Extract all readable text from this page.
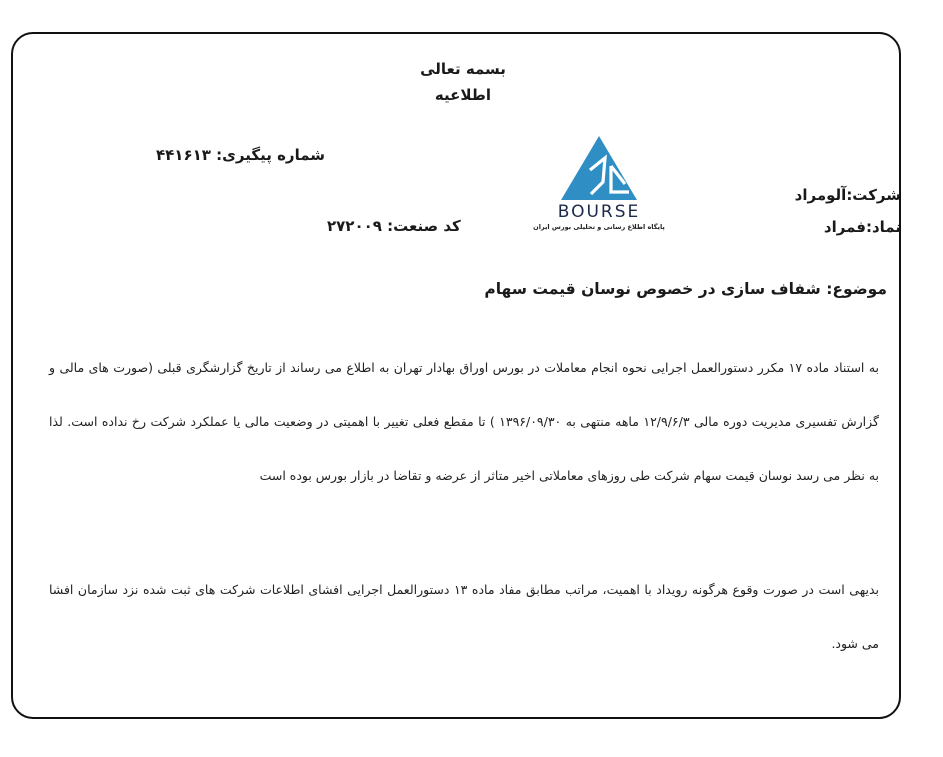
بسمه تعالی
اطلاعیه
شماره پیگیری: ۴۴۱۶۱۳
کد صنعت: ۲۷۲۰۰۹
BOURSE
پایگاه اطلاع رسانی و تحلیلی بورس ایران
شرکت:آلومراد
نماد:فمراد
موضوع: شفاف سازی در خصوص نوسان قیمت سهام
به استناد ماده ۱۷ مکرر دستورالعمل اجرایی نحوه انجام معاملات در بورس اوراق بهادار تهران به اطلاع می رساند از تاریخ گزارشگری قبلی (صورت های مالی و گزارش تفسیری مدیریت دوره مالی ۱۲/۹/۶/۳ ماهه منتهی به ۱۳۹۶/۰۹/۳۰ ) تا مقطع فعلی تغییر با اهمیتی در وضعیت مالی یا عملکرد شرکت رخ نداده است. لذا به نظر می رسد نوسان قیمت سهام شرکت طی روزهای معاملاتی اخیر متاثر از عرضه و تقاضا در بازار بورس بوده است
بدیهی است در صورت وقوع هرگونه رویداد با اهمیت، مراتب مطابق مفاد ماده ۱۳ دستورالعمل اجرایی افشای اطلاعات شرکت های ثبت شده نزد سازمان افشا می شود.
